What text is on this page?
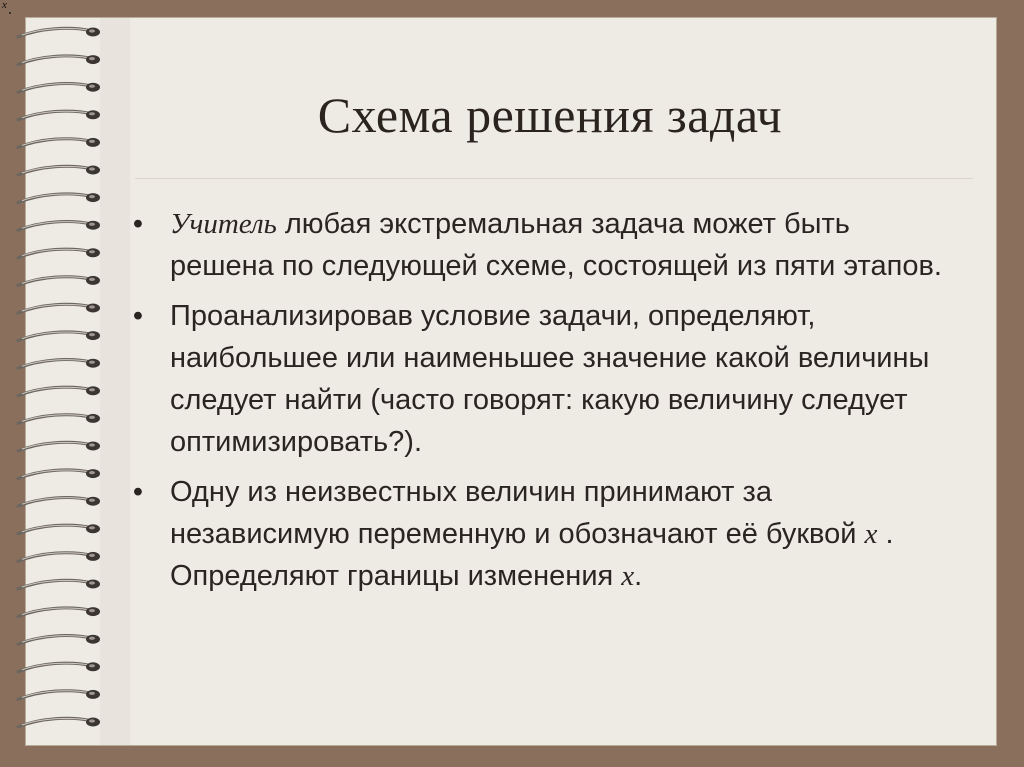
x
Схема решения задач
• Учитель любая экстремальная задача может быть решена по следующей схеме, состоящей из пяти этапов.
• Проанализировав условие задачи, определяют, наибольшее или наименьшее значение какой величины следует найти (часто говорят: какую величину следует оптимизировать?).
• Одну из неизвестных величин принимают за независимую переменную и обозначают её буквой x . Определяют границы изменения x.
